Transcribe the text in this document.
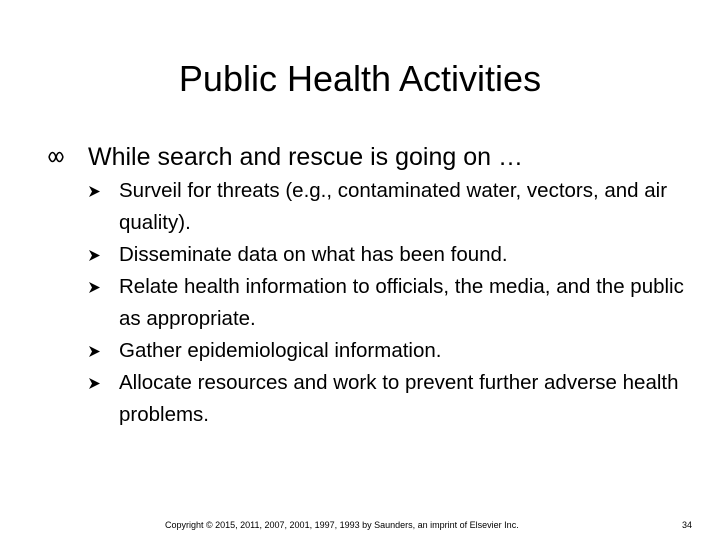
Public Health Activities
While search and rescue is going on …
Surveil for threats (e.g., contaminated water, vectors, and air quality).
Disseminate data on what has been found.
Relate health information to officials, the media, and the public as appropriate.
Gather epidemiological information.
Allocate resources and work to prevent further adverse health problems.
Copyright © 2015, 2011, 2007, 2001, 1997, 1993 by Saunders, an imprint of Elsevier Inc.	34
